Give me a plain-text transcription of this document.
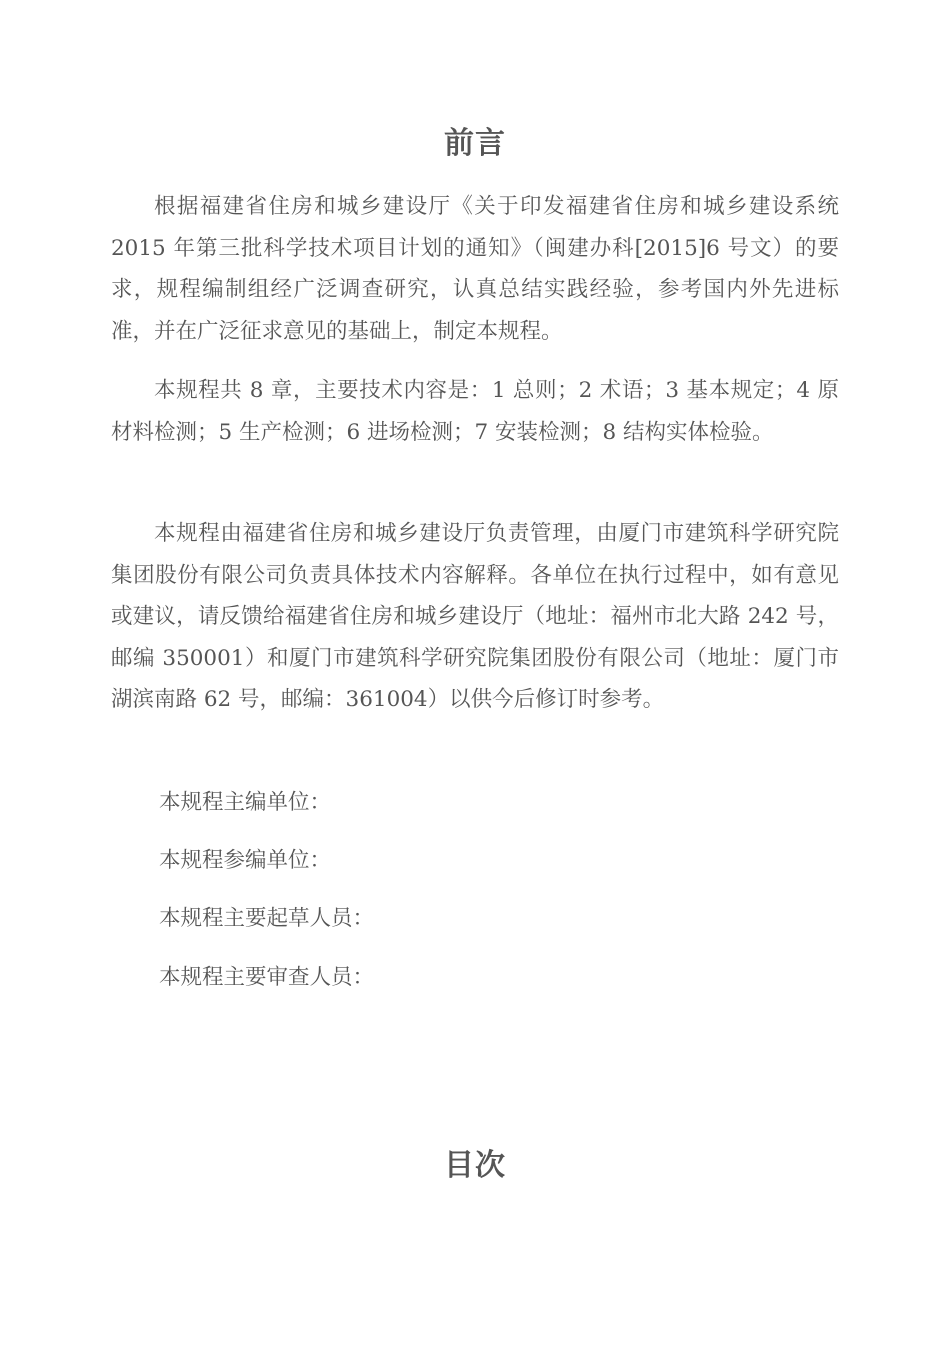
前言

根据福建省住房和城乡建设厅《关于印发福建省住房和城乡建设系统 2015 年第三批科学技术项目计划的通知》（闽建办科[2015]6 号文）的要求，规程编制组经广泛调查研究，认真总结实践经验，参考国内外先进标准，并在广泛征求意见的基础上，制定本规程。

本规程共 8 章，主要技术内容是：1 总则；2 术语；3 基本规定；4 原材料检测；5 生产检测；6 进场检测；7 安装检测；8 结构实体检验。

本规程由福建省住房和城乡建设厅负责管理，由厦门市建筑科学研究院集团股份有限公司负责具体技术内容解释。各单位在执行过程中，如有意见或建议，请反馈给福建省住房和城乡建设厅（地址：福州市北大路 242 号，邮编 350001）和厦门市建筑科学研究院集团股份有限公司（地址：厦门市湖滨南路 62 号，邮编：361004）以供今后修订时参考。

本规程主编单位：

本规程参编单位：

本规程主要起草人员：

本规程主要审查人员：

目次
